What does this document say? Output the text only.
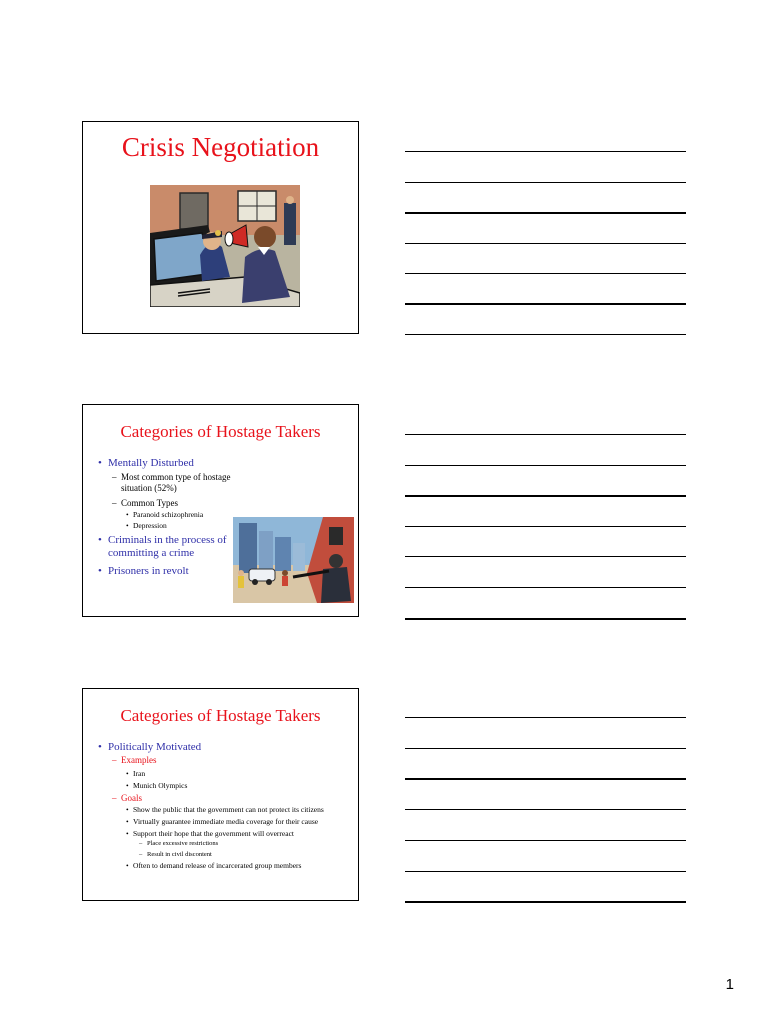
Crisis Negotiation
Categories of Hostage Takers
• Mentally Disturbed
– Most common type of hostage situation (52%)
– Common Types
• Paranoid schizophrenia
• Depression
• Criminals in the process of committing a crime
• Prisoners in revolt
Categories of Hostage Takers
• Politically Motivated
– Examples
• Iran
• Munich Olympics
– Goals
• Show the public that the government can not protect its citizens
• Virtually guarantee immediate media coverage for their cause
• Support their hope that the government will overreact
– Place excessive restrictions
– Result in civil discontent
• Often to demand release of incarcerated group members
1
